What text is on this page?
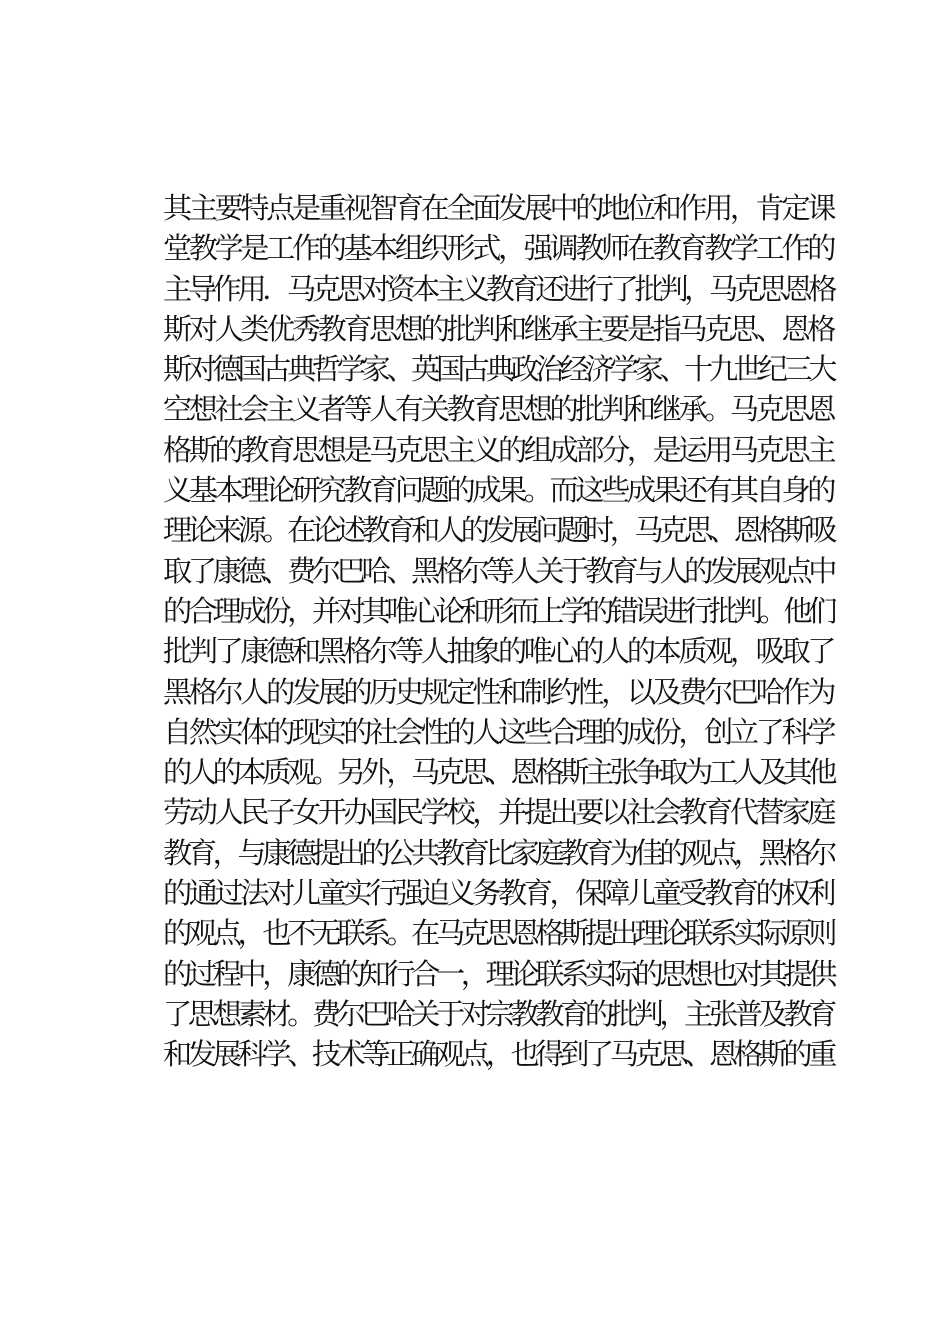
其主要特点是重视智育在全面发展中的地位和作用，肯定课
堂教学是工作的基本组织形式，强调教师在教育教学工作的
主导作用．马克思对资本主义教育还进行了批判，马克思恩格
斯对人类优秀教育思想的批判和继承主要是指马克思、恩格
斯对德国古典哲学家、英国古典政治经济学家、十九世纪三大
空想社会主义者等人有关教育思想的批判和继承。马克思恩
格斯的教育思想是马克思主义的组成部分，是运用马克思主
义基本理论研究教育问题的成果。而这些成果还有其自身的
理论来源。在论述教育和人的发展问题时，马克思、恩格斯吸
取了康德、费尔巴哈、黑格尔等人关于教育与人的发展观点中
的合理成份，并对其唯心论和形而上学的错误进行批判。他们
批判了康德和黑格尔等人抽象的唯心的人的本质观，吸取了
黑格尔人的发展的历史规定性和制约性，以及费尔巴哈作为
自然实体的现实的社会性的人这些合理的成份，创立了科学
的人的本质观。另外，马克思、恩格斯主张争取为工人及其他
劳动人民子女开办国民学校，并提出要以社会教育代替家庭
教育，与康德提出的公共教育比家庭教育为佳的观点，黑格尔
的通过法对儿童实行强迫义务教育，保障儿童受教育的权利
的观点，也不无联系。在马克思恩格斯提出理论联系实际原则
的过程中，康德的知行合一，理论联系实际的思想也对其提供
了思想素材。费尔巴哈关于对宗教教育的批判，主张普及教育
和发展科学、技术等正确观点，也得到了马克思、恩格斯的重
